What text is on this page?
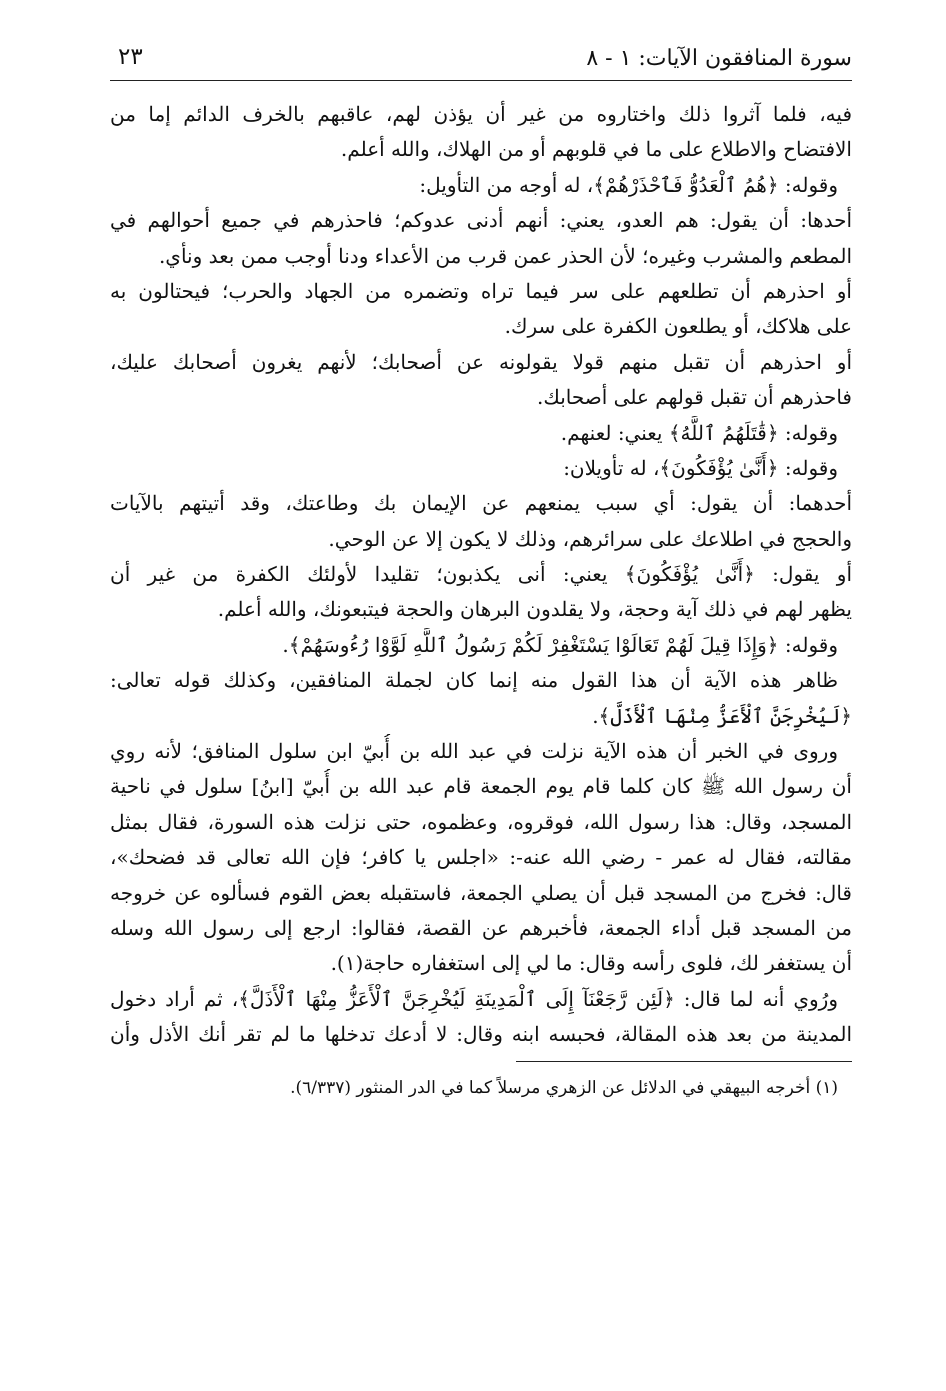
سورة المنافقون الآيات: ١ - ٨
٢٣
فيه، فلما آثروا ذلك واختاروه من غير أن يؤذن لهم، عاقبهم بالخرف الدائم إما من
الافتضاح والاطلاع على ما في قلوبهم أو من الهلاك، والله أعلم.
وقوله: ﴿هُمُ ٱلْعَدُوُّ فَٱحْذَرْهُمْ﴾، له أوجه من التأويل:
أحدها: أن يقول: هم العدو، يعني: أنهم أدنى عدوكم؛ فاحذرهم في جميع أحوالهم في
المطعم والمشرب وغيره؛ لأن الحذر عمن قرب من الأعداء ودنا أوجب ممن بعد ونأي.
أو احذرهم أن تطلعهم على سر فيما تراه وتضمره من الجهاد والحرب؛ فيحتالون به
على هلاكك، أو يطلعون الكفرة على سرك.
أو احذرهم أن تقبل منهم قولا يقولونه عن أصحابك؛ لأنهم يغرون أصحابك عليك،
فاحذرهم أن تقبل قولهم على أصحابك.
وقوله: ﴿قَٰتَلَهُمُ ٱللَّهُ﴾ يعني: لعنهم.
وقوله: ﴿أَنَّىٰ يُؤْفَكُونَ﴾، له تأويلان:
أحدهما: أن يقول: أي سبب يمنعهم عن الإيمان بك وطاعتك، وقد أتيتهم بالآيات
والحجج في اطلاعك على سرائرهم، وذلك لا يكون إلا عن الوحي.
أو يقول: ﴿أَنَّىٰ يُؤْفَكُونَ﴾ يعني: أنى يكذبون؛ تقليدا لأولئك الكفرة من غير أن
يظهر لهم في ذلك آية وحجة، ولا يقلدون البرهان والحجة فيتبعونك، والله أعلم.
وقوله: ﴿وَإِذَا قِيلَ لَهُمْ تَعَالَوْا يَسْتَغْفِرْ لَكُمْ رَسُولُ ٱللَّهِ لَوَّوْا رُءُوسَهُمْ﴾.
ظاهر هذه الآية أن هذا القول منه إنما كان لجملة المنافقين، وكذلك قوله تعالى:
﴿لَيُخْرِجَنَّ ٱلْأَعَزُّ مِنْهَا ٱلْأَذَلَّ﴾.
وروى في الخبر أن هذه الآية نزلت في عبد الله بن أُبيّ ابن سلول المنافق؛ لأنه روي
أن رسول الله ﷺ كان كلما قام يوم الجمعة قام عبد الله بن أُبيّ [ابنُ] سلول في ناحية
المسجد، وقال: هذا رسول الله، فوقروه، وعظموه، حتى نزلت هذه السورة، فقال بمثل
مقالته، فقال له عمر - رضي الله عنه-: «اجلس يا كافر؛ فإن الله تعالى قد فضحك»،
قال: فخرج من المسجد قبل أن يصلي الجمعة، فاستقبله بعض القوم فسألوه عن خروجه
من المسجد قبل أداء الجمعة، فأخبرهم عن القصة، فقالوا: ارجع إلى رسول الله وسله
أن يستغفر لك، فلوى رأسه وقال: ما لي إلى استغفاره حاجة(١).
ورُوي أنه لما قال: ﴿لَئِن رَّجَعْنَآ إِلَى ٱلْمَدِينَةِ لَيُخْرِجَنَّ ٱلْأَعَزُّ مِنْهَا ٱلْأَذَلَّ﴾، ثم أراد دخول
المدينة من بعد هذه المقالة، فحبسه ابنه وقال: لا أدعك تدخلها ما لم تقر أنك الأذل وأن
(١) أخرجه البيهقي في الدلائل عن الزهري مرسلاً كما في الدر المنثور (٦/٣٣٧).
